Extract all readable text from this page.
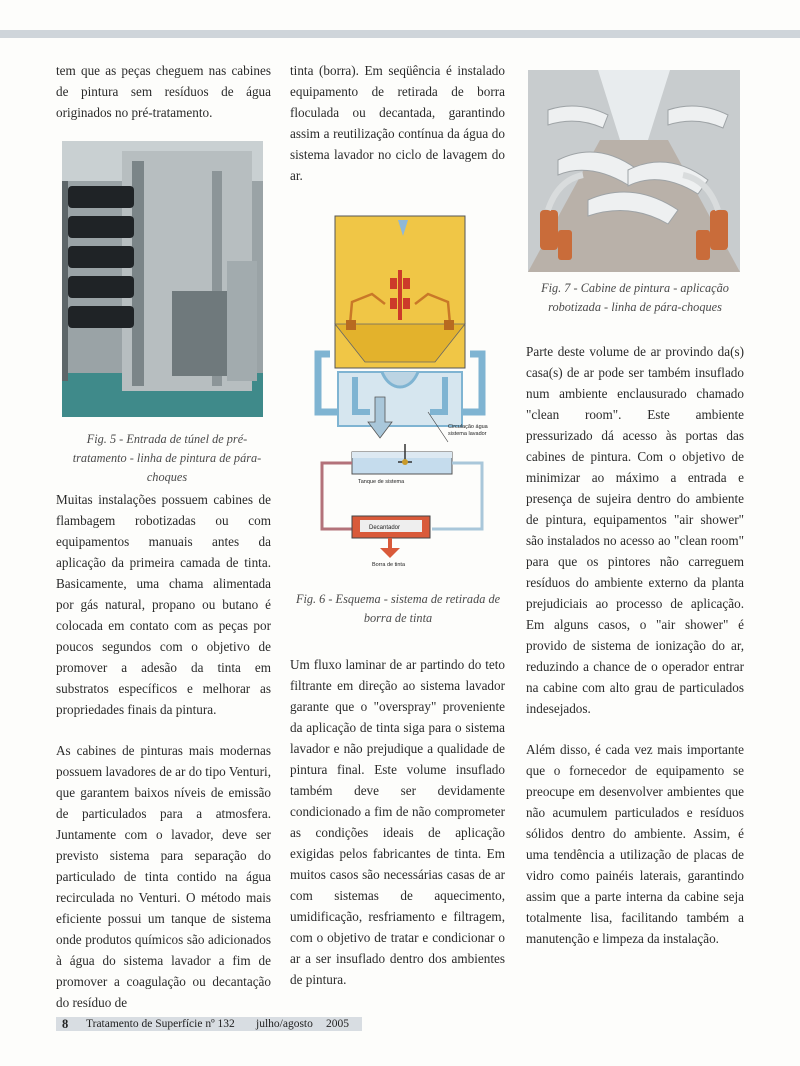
tem que as peças cheguem nas cabines de pintura sem resíduos de água originados no pré-tratamento.

Muitas instalações possuem cabines de flambagem robotizadas ou com equipamentos manuais antes da aplicação da primeira camada de tinta. Basicamente, uma chama alimentada por gás natural, propano ou butano é colocada em contato com as peças por poucos segundos com o objetivo de promover a adesão da tinta em substratos específicos e melhorar as propriedades finais da pintura.

As cabines de pinturas mais modernas possuem lavadores de ar do tipo Venturi, que garantem baixos níveis de emissão de particulados para a atmosfera. Juntamente com o lavador, deve ser previsto sistema para separação do particulado de tinta contido na água recirculada no Venturi. O método mais eficiente possui um tanque de sistema onde produtos químicos são adicionados à água do sistema lavador a fim de promover a coagulação ou decantação do resíduo de

Fig. 5 - Entrada de túnel de pré-tratamento - linha de pintura de pára-choques

tinta (borra). Em seqüência é instalado equipamento de retirada de borra floculada ou decantada, garantindo assim a reutilização contínua da água do sistema lavador no ciclo de lavagem do ar.

Um fluxo laminar de ar partindo do teto filtrante em direção ao sistema lavador garante que o "overspray" proveniente da aplicação de tinta siga para o sistema lavador e não prejudique a qualidade de pintura final. Este volume insuflado também deve ser devidamente condicionado a fim de não comprometer as condições ideais de aplicação exigidas pelos fabricantes de tinta. Em muitos casos são necessárias casas de ar com sistemas de aquecimento, umidificação, resfriamento e filtragem, com o objetivo de tratar e condicionar o ar a ser insuflado dentro dos ambientes de pintura.

Circulação água
sistema lavador
Tanque de sistema
Decantador
Borra de tinta
Fig. 6 - Esquema - sistema de retirada de borra de tinta
Fig. 7 - Cabine de pintura - aplicação robotizada - linha de pára-choques

Parte deste volume de ar provindo da(s) casa(s) de ar pode ser também insuflado num ambiente enclausurado chamado "clean room". Este ambiente pressurizado dá acesso às portas das cabines de pintura. Com o objetivo de minimizar ao máximo a entrada e presença de sujeira dentro do ambiente de pintura, equipamentos "air shower" são instalados no acesso ao "clean room" para que os pintores não carreguem resíduos do ambiente externo da planta prejudiciais ao processo de aplicação. Em alguns casos, o "air shower" é provido de sistema de ionização do ar, reduzindo a chance de o operador entrar na cabine com alto grau de particulados indesejados.

Além disso, é cada vez mais importante que o fornecedor de equipamento se preocupe em desenvolver ambientes que não acumulem particulados e resíduos sólidos dentro do ambiente. Assim, é uma tendência a utilização de placas de vidro como painéis laterais, garantindo assim que a parte interna da cabine seja totalmente lisa, facilitando também a manutenção e limpeza da instalação.

8 Tratamento de Superfície nº 132 julho/agosto 2005
